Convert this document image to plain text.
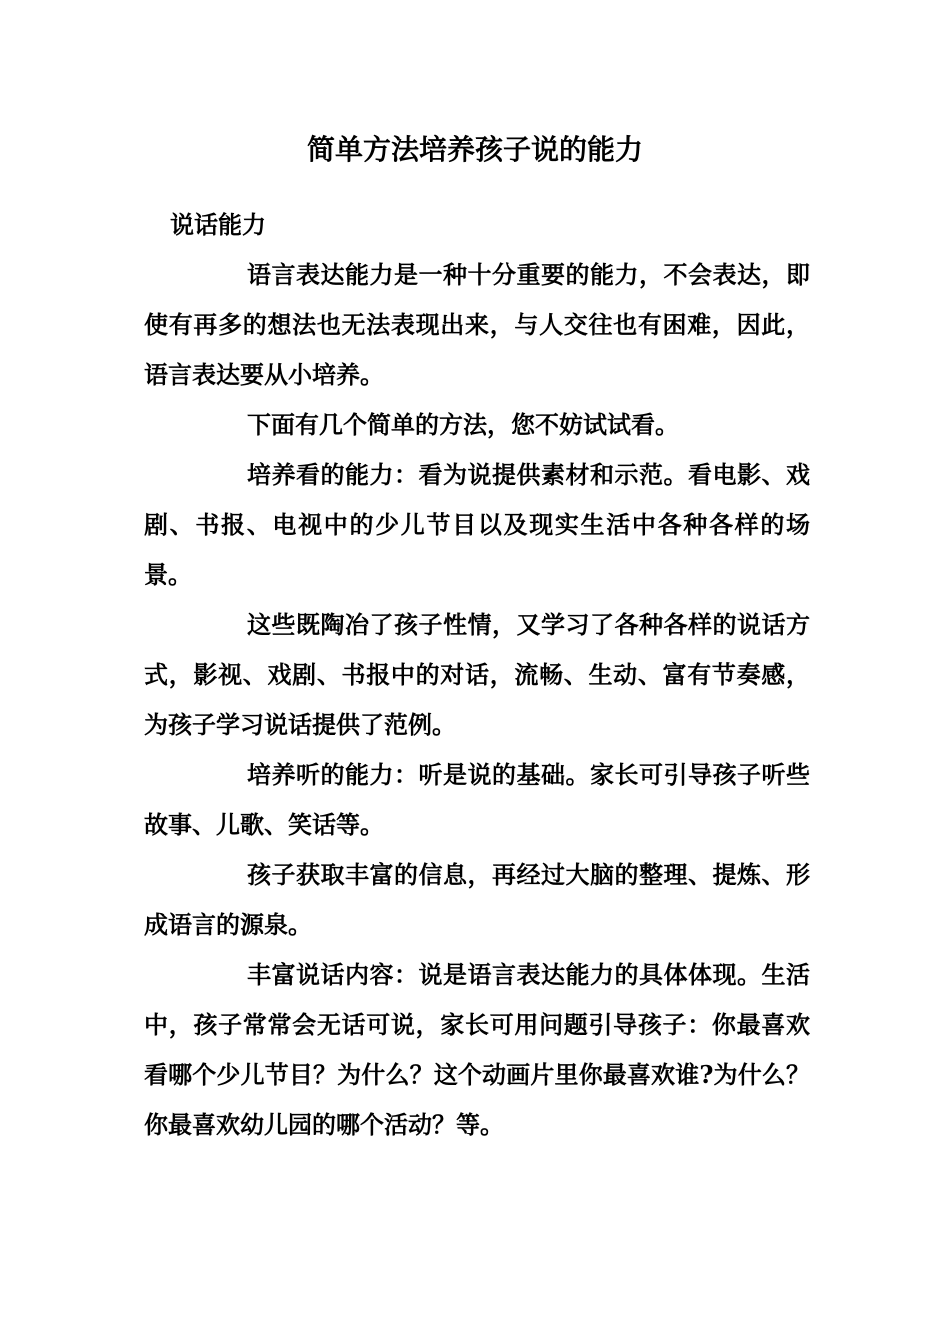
简单方法培养孩子说的能力
说话能力

语言表达能力是一种十分重要的能力，不会表达，即使有再多的想法也无法表现出来，与人交往也有困难，因此，语言表达要从小培养。

下面有几个简单的方法，您不妨试试看。

培养看的能力：看为说提供素材和示范。看电影、戏剧、书报、电视中的少儿节目以及现实生活中各种各样的场景。

这些既陶冶了孩子性情，又学习了各种各样的说话方式，影视、戏剧、书报中的对话，流畅、生动、富有节奏感，为孩子学习说话提供了范例。

培养听的能力：听是说的基础。家长可引导孩子听些故事、儿歌、笑话等。

孩子获取丰富的信息，再经过大脑的整理、提炼、形成语言的源泉。

丰富说话内容：说是语言表达能力的具体体现。生活中，孩子常常会无话可说，家长可用问题引导孩子：你最喜欢看哪个少儿节目？为什么？这个动画片里你最喜欢谁?为什么？你最喜欢幼儿园的哪个活动？等。
